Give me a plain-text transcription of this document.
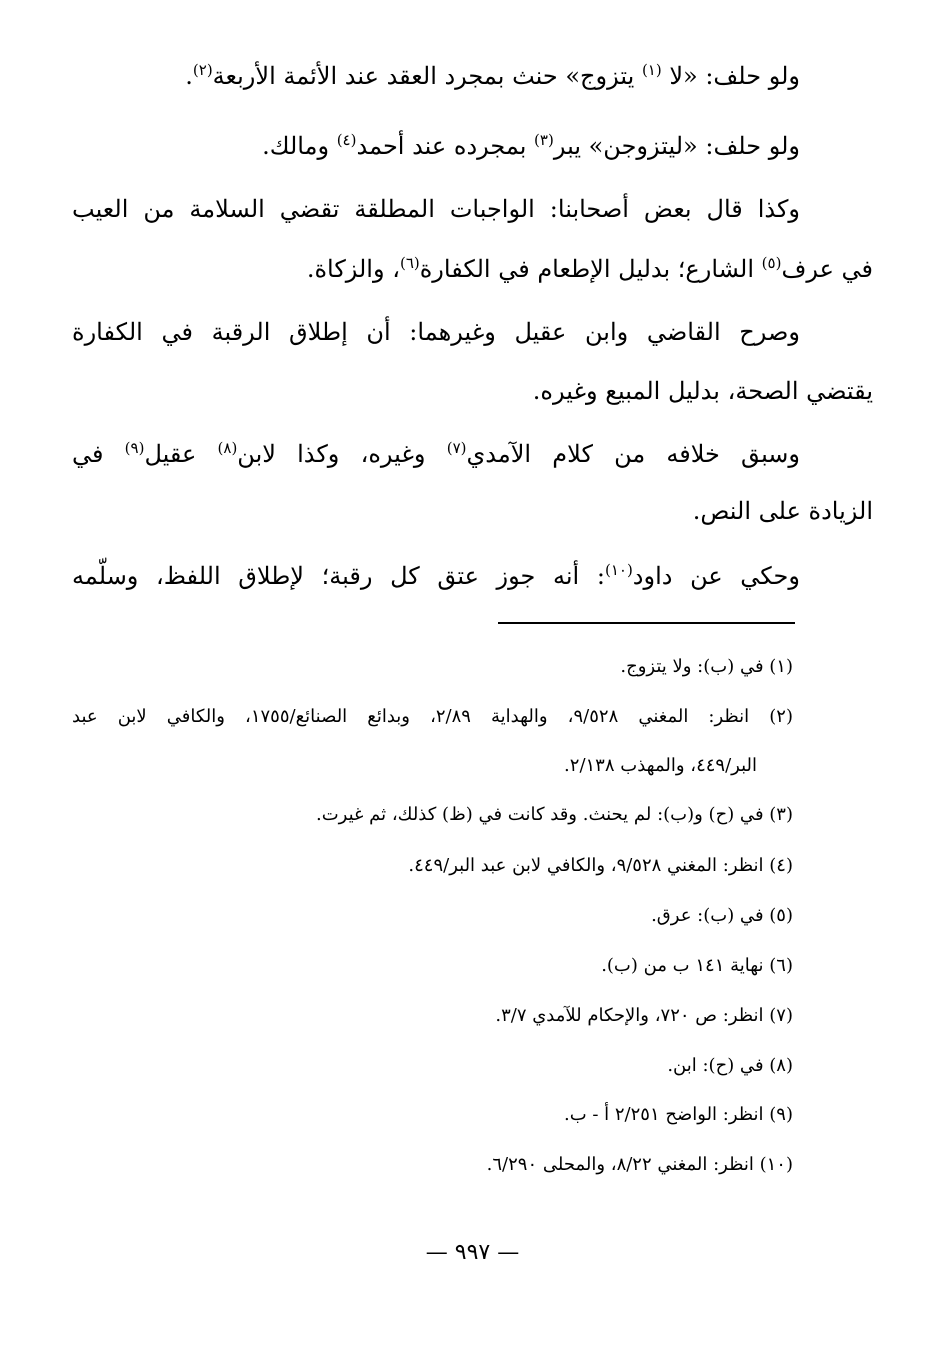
ولو حلف: «لا $^{(١)}$ يتزوج» حنث بمجرد العقد عند الأئمة الأربعة$^{(٢)}$.
ولو حلف: «ليتزوجن» يبر$^{(٣)}$ بمجرده عند أحمد$^{(٤)}$ ومالك.
وكذا قال بعض أصحابنا: الواجبات المطلقة تقضي السلامة من العيب
في عرف$^{(٥)}$ الشارع؛ بدليل الإطعام في الكفارة$^{(٦)}$، والزكاة.
وصرح القاضي وابن عقيل وغيرهما: أن إطلاق الرقبة في الكفارة
يقتضي الصحة، بدليل المبيع وغيره.
وسبق خلافه من كلام الآمدي$^{(٧)}$ وغيره، وكذا لابن$^{(٨)}$ عقيل$^{(٩)}$ في
الزيادة على النص.
وحكي عن داود$^{(١٠)}$: أنه جوز عتق كل رقبة؛ لإطلاق اللفظ، وسلّمه
(١) في (ب): ولا يتزوج.
(٢) انظر: المغني ٩/٥٢٨، والهداية ٢/٨٩، وبدائع الصنائع/١٧٥٥، والكافي لابن عبد
البر/٤٤٩، والمهذب ٢/١٣٨.
(٣) في (ح) و(ب): لم يحنث. وقد كانت في (ظ) كذلك، ثم غيرت.
(٤) انظر: المغني ٩/٥٢٨، والكافي لابن عبد البر/٤٤٩.
(٥) في (ب): عرق.
(٦) نهاية ١٤١ ب من (ب).
(٧) انظر: ص ٧٢٠، والإحكام للآمدي ٣/٧.
(٨) في (ح): ابن.
(٩) انظر: الواضح ٢/٢٥١ أ - ب.
(١٠) انظر: المغني ٨/٢٢، والمحلى ٦/٢٩٠.
— ٩٩٧ —
